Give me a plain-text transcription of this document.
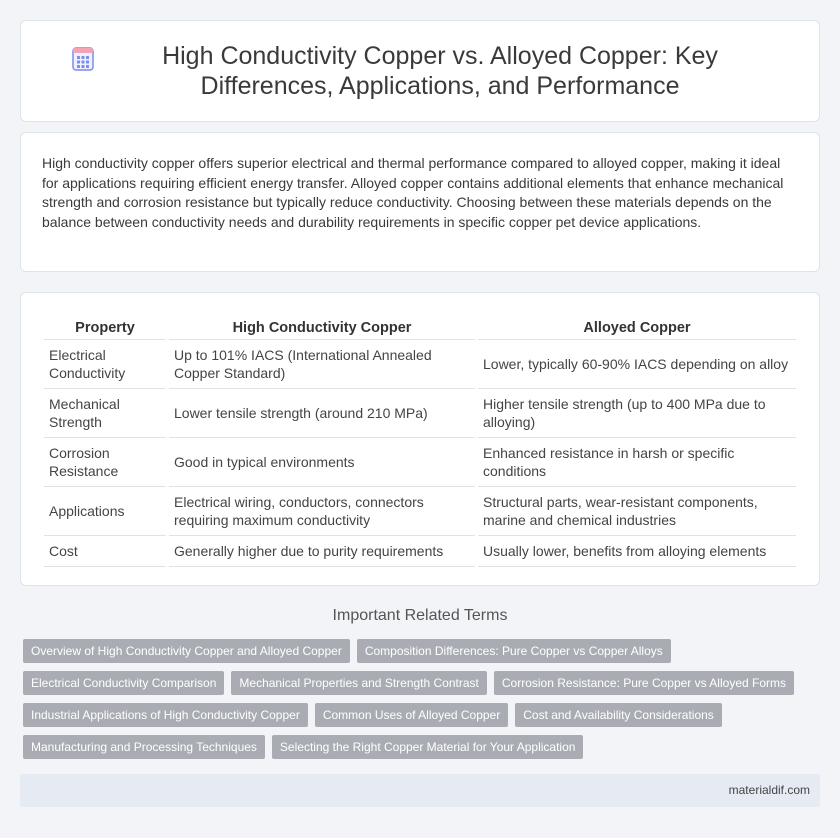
High Conductivity Copper vs. Alloyed Copper: Key Differences, Applications, and Performance

High conductivity copper offers superior electrical and thermal performance compared to alloyed copper, making it ideal for applications requiring efficient energy transfer. Alloyed copper contains additional elements that enhance mechanical strength and corrosion resistance but typically reduce conductivity. Choosing between these materials depends on the balance between conductivity needs and durability requirements in specific copper pet device applications.

Property	High Conductivity Copper	Alloyed Copper
Electrical Conductivity	Up to 101% IACS (International Annealed Copper Standard)	Lower, typically 60-90% IACS depending on alloy
Mechanical Strength	Lower tensile strength (around 210 MPa)	Higher tensile strength (up to 400 MPa due to alloying)
Corrosion Resistance	Good in typical environments	Enhanced resistance in harsh or specific conditions
Applications	Electrical wiring, conductors, connectors requiring maximum conductivity	Structural parts, wear-resistant components, marine and chemical industries
Cost	Generally higher due to purity requirements	Usually lower, benefits from alloying elements
Important Related Terms
Overview of High Conductivity Copper and Alloyed Copper	Composition Differences: Pure Copper vs Copper Alloys
Electrical Conductivity Comparison	Mechanical Properties and Strength Contrast	Corrosion Resistance: Pure Copper vs Alloyed Forms
Industrial Applications of High Conductivity Copper	Common Uses of Alloyed Copper	Cost and Availability Considerations
Manufacturing and Processing Techniques	Selecting the Right Copper Material for Your Application
materialdif.com
